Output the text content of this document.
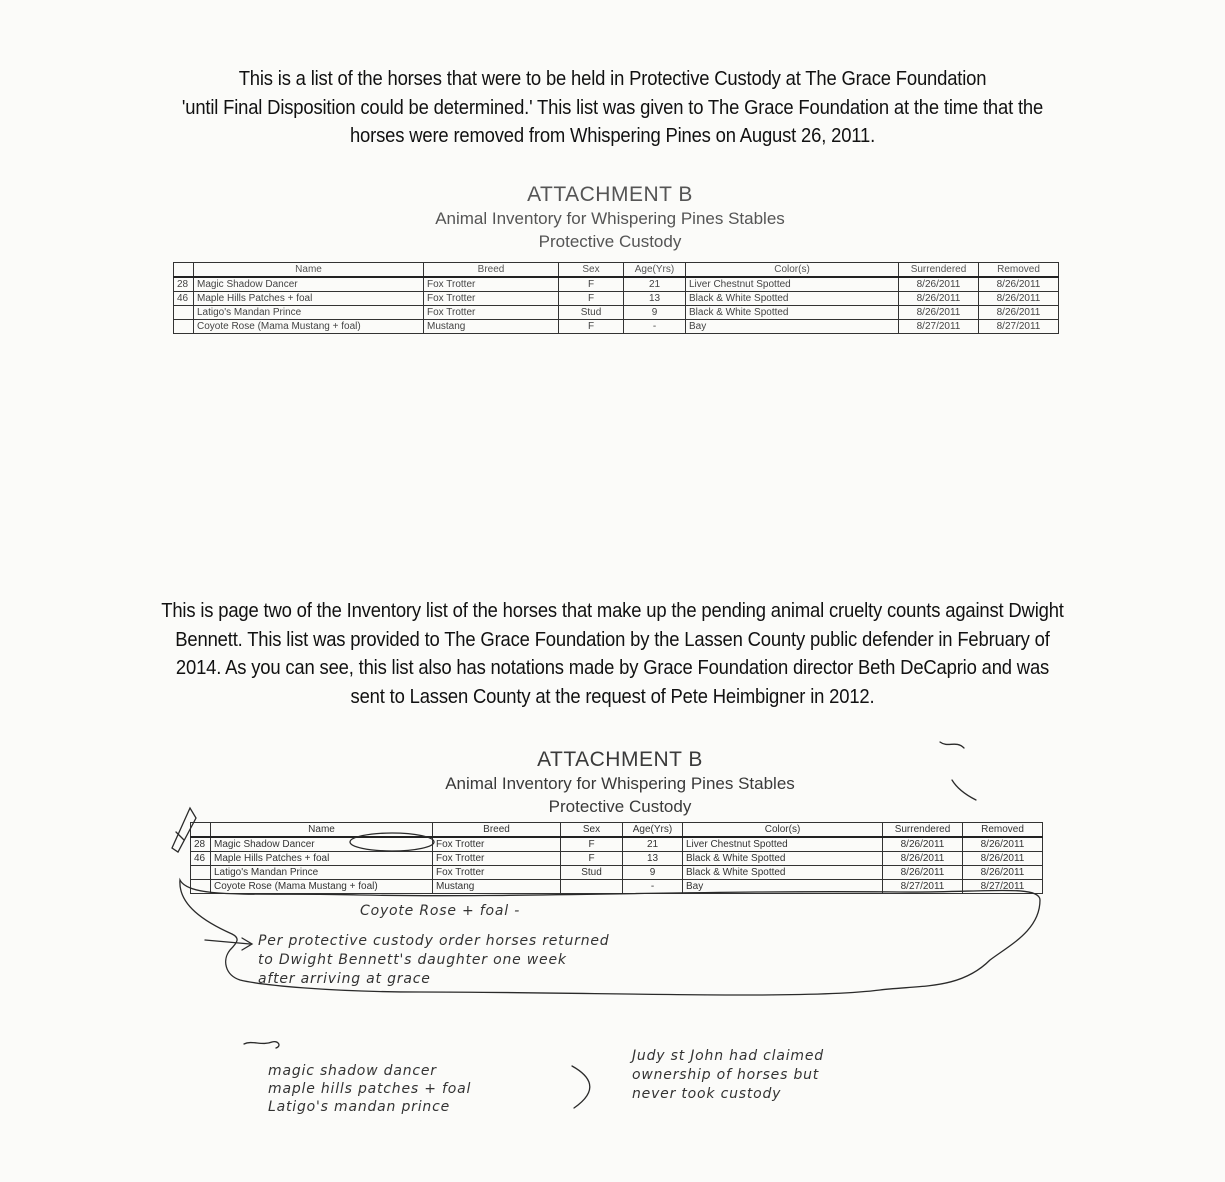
This is a list of the horses that were to be held in Protective Custody at The Grace Foundation
'until Final Disposition could be determined.' This list was given to The Grace Foundation at the time that the
horses were removed from Whispering Pines on August 26, 2011.
ATTACHMENT B
Animal Inventory for Whispering Pines Stables
Protective Custody
	Name	Breed	Sex	Age(Yrs)	Color(s)	Surrendered	Removed
28	Magic Shadow Dancer	Fox Trotter	F	21	Liver Chestnut Spotted	8/26/2011	8/26/2011
46	Maple Hills Patches + foal	Fox Trotter	F	13	Black & White Spotted	8/26/2011	8/26/2011
	Latigo's Mandan Prince	Fox Trotter	Stud	9	Black & White Spotted	8/26/2011	8/26/2011
	Coyote Rose (Mama Mustang + foal)	Mustang	F	-	Bay	8/27/2011	8/27/2011
This is page two of the Inventory list of the horses that make up the pending animal cruelty counts against Dwight
Bennett. This list was provided to The Grace Foundation by the Lassen County public defender in February of
2014. As you can see, this list also has notations made by Grace Foundation director Beth DeCaprio and was
sent to Lassen County at the request of Pete Heimbigner in 2012.
ATTACHMENT B
Animal Inventory for Whispering Pines Stables
Protective Custody
	Name	Breed	Sex	Age(Yrs)	Color(s)	Surrendered	Removed
28	Magic Shadow Dancer	Fox Trotter	F	21	Liver Chestnut Spotted	8/26/2011	8/26/2011
46	Maple Hills Patches + foal	Fox Trotter	F	13	Black & White Spotted	8/26/2011	8/26/2011
	Latigo's Mandan Prince	Fox Trotter	Stud	9	Black & White Spotted	8/26/2011	8/26/2011
	Coyote Rose (Mama Mustang + foal)	Mustang		-	Bay	8/27/2011	8/27/2011
Coyote Rose + foal -
Per protective custody order horses returned
to Dwight Bennett's daughter one week
after arriving at grace
magic shadow dancer
maple hills patches + foal
Latigo's mandan prince
Judy st John had claimed
ownership of horses but
never took custody
